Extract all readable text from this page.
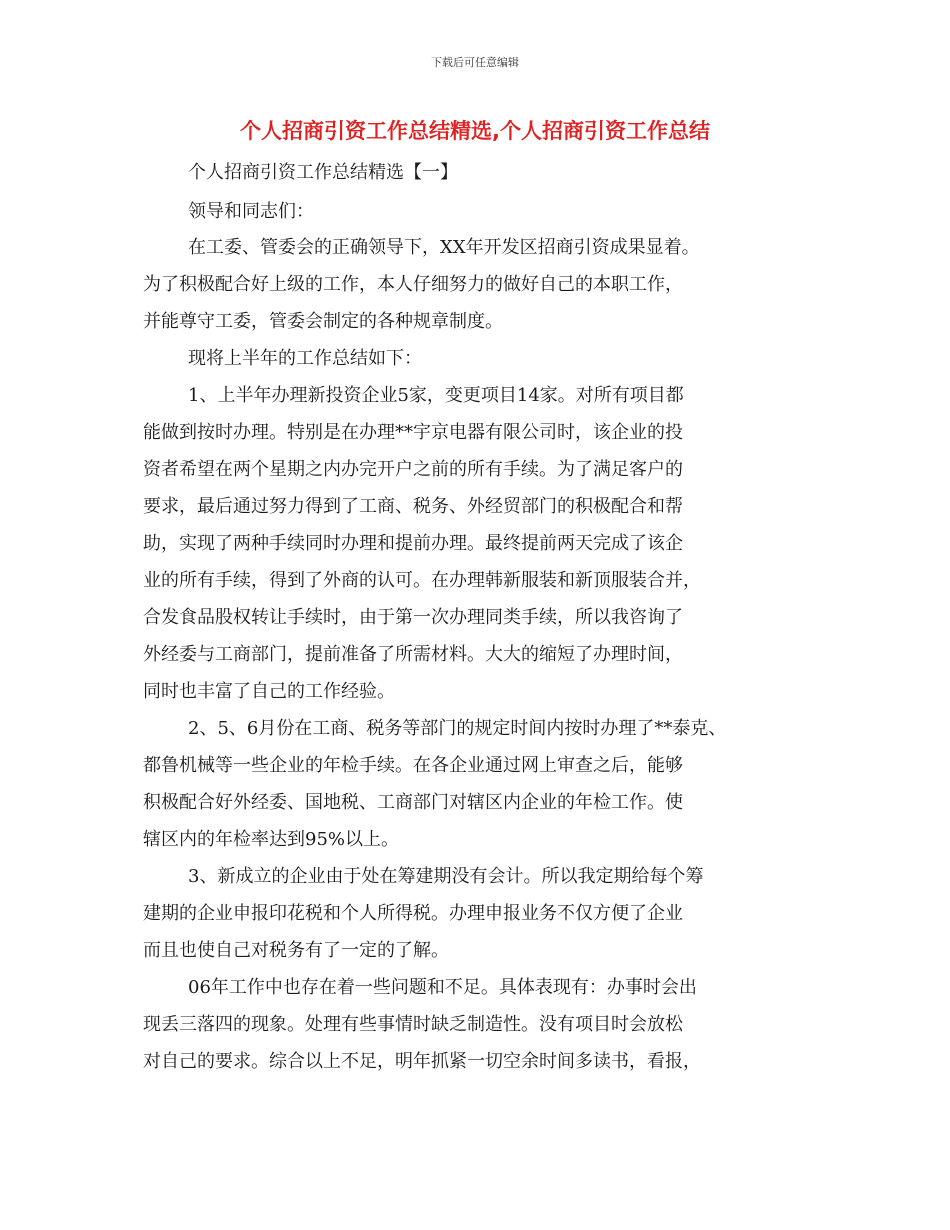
下载后可任意编辑
个人招商引资工作总结精选,个人招商引资工作总结
个人招商引资工作总结精选【一】
领导和同志们：
在工委、管委会的正确领导下，XX年开发区招商引资成果显着。
为了积极配合好上级的工作，本人仔细努力的做好自己的本职工作，
并能尊守工委，管委会制定的各种规章制度。
现将上半年的工作总结如下：
1、上半年办理新投资企业5家，变更项目14家。对所有项目都
能做到按时办理。特别是在办理**宇京电器有限公司时，该企业的投
资者希望在两个星期之内办完开户之前的所有手续。为了满足客户的
要求，最后通过努力得到了工商、税务、外经贸部门的积极配合和帮
助，实现了两种手续同时办理和提前办理。最终提前两天完成了该企
业的所有手续，得到了外商的认可。在办理韩新服装和新顶服装合并，
合发食品股权转让手续时，由于第一次办理同类手续，所以我咨询了
外经委与工商部门，提前准备了所需材料。大大的缩短了办理时间，
同时也丰富了自己的工作经验。
2、5、6月份在工商、税务等部门的规定时间内按时办理了**泰克、
都鲁机械等一些企业的年检手续。在各企业通过网上审查之后，能够
积极配合好外经委、国地税、工商部门对辖区内企业的年检工作。使
辖区内的年检率达到95%以上。
3、新成立的企业由于处在筹建期没有会计。所以我定期给每个筹
建期的企业申报印花税和个人所得税。办理申报业务不仅方便了企业
而且也使自己对税务有了一定的了解。
06年工作中也存在着一些问题和不足。具体表现有：办事时会出
现丢三落四的现象。处理有些事情时缺乏制造性。没有项目时会放松
对自己的要求。综合以上不足，明年抓紧一切空余时间多读书，看报，
